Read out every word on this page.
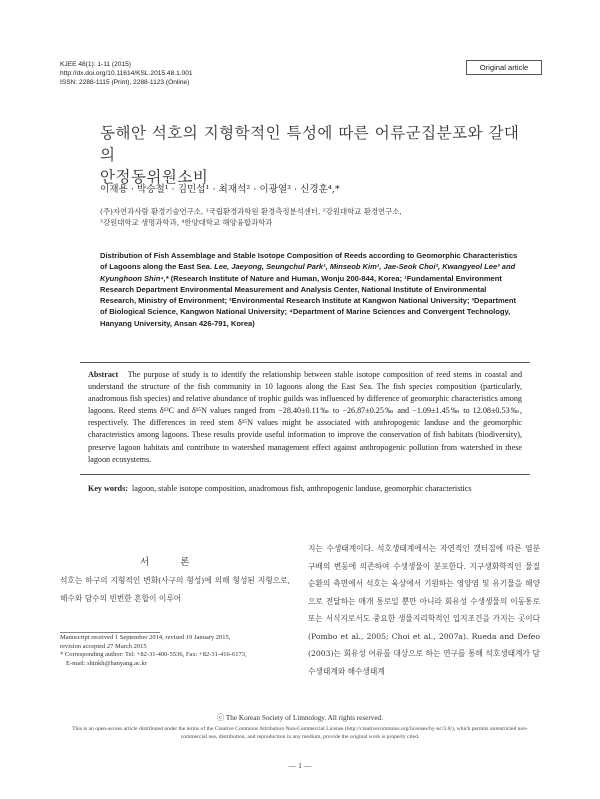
KJEE 48(1): 1-11 (2015)
http://dx.doi.org/10.11614/KSL.2015.48.1.001
ISSN: 2288-1115 (Print), 2288-1123 (Online)
Original article
동해안 석호의 지형학적인 특성에 따른 어류군집분포와 갈대의
안정동위원소비
이재용 · 박승철¹ · 김민섭¹ · 최재석² · 이광열³ · 신경훈⁴,*
(주)자연과사람 환경기술연구소, ¹국립환경과학원 환경측정분석센터, ²강원대학교 환경연구소,
³강원대학교 생명과학과, ⁴한양대학교 해양융합과학과
Distribution of Fish Assemblage and Stable Isotope Composition of Reeds according to Geomorphic Characteristics of Lagoons along the East Sea. Lee, Jaeyong, Seungchul Park¹, Minseob Kim¹, Jae-Seok Choi², Kwangyeol Lee³ and Kyunghoon Shin⁴,* (Research Institute of Nature and Human, Wonju 200-844, Korea; ¹Fundamental Environment Research Department Environmental Measurement and Analysis Center, National Institute of Environmental Research, Ministry of Environment; ²Environmental Research Institute at Kangwon National University; ³Department of Biological Science, Kangwon National University; ⁴Department of Marine Sciences and Convergent Technology, Hanyang University, Ansan 426-791, Korea)
Abstract The purpose of study is to identify the relationship between stable isotope composition of reed stems in coastal and understand the structure of the fish community in 10 lagoons along the East Sea. The fish species composition (particularly, anadromous fish species) and relative abundance of trophic guilds was influenced by difference of geomorphic characteristics among lagoons. Reed stems δ¹³C and δ¹⁵N values ranged from −28.40±0.11‰ to −26.87±0.25‰ and −1.09±1.45‰ to 12.08±0.53‰, respectively. The differences in reed stem δ¹⁵N values might be associated with anthropogenic landuse and the geomorphic characteristics among lagoons. These results provide useful information to improve the conservation of fish habitats (biodiversity), preserve lagoon habitats and contribute to watershed management effect against anthropogenic pollution from watershed in these lagoon ecosystems.
Key words: lagoon, stable isotope composition, anadromous fish, anthropogenic landuse, geomorphic characteristics
서 론
석호는 하구의 지형적인 변화(사구의 형성)에 의해 형성된 지형으로, 해수와 담수의 빈번한 혼합이 이루어
지는 수생태계이다. 석호생태계에서는 자연적인 갯터짐에 따른 염분구배의 변동에 의존하여 수생생물이 분포한다. 지구생화학적인 물질순환의 측면에서 석호는 육상에서 기원하는 영양염 및 유기물을 해양으로 전달하는 매개 통로일 뿐만 아니라 회유성 수생생물의 이동통로 또는 서식지로서도 중요한 생물지리학적인 입지조건을 가지는 곳이다(Pombo et al., 2005; Choi et al., 2007a). Rueda and Defeo (2003)는 회유성 어류를 대상으로 하는 연구를 통해 석호생태계가 담수생태계와 해수생태계
Manuscript received 1 September 2014, revised 19 January 2015,
revision accepted 27 March 2015
* Corresponding author: Tel: +82-31-400-5536, Fax: +82-31-416-6173,
E-mail: shinkh@hanyang.ac.kr
ⓒ The Korean Society of Limnology. All rights reserved.
This is an open-access article distributed under the terms of the Creative Commons Attribution Non-Commercial License (http://creativecommons.org/licenses/by-nc/3.0/), which permits unrestricted non-commercial use, distribution, and reproduction in any medium, provide the original work is properly cited.
— 1 —
